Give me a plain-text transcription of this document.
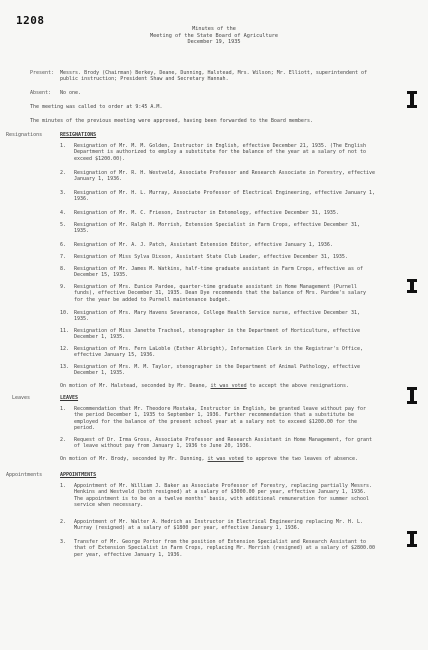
1208
Minutes of the
Meeting of the State Board of Agriculture
December 19, 1935
Present: Messrs. Brody (Chairman) Berkey, Deane, Dunning, Halstead, Mrs. Wilson; Mr. Elliott, superintendent of public instruction; President Shaw and Secretary Hannah.
Absent: No one.
The meeting was called to order at 9:45 A.M.
The minutes of the previous meeting were approved, having been forwarded to the Board members.
Resignations	RESIGNATIONS
1.	Resignation of Mr. M. M. Golden, Instructor in English, effective December 21, 1935. (The English Department is authorized to employ a substitute for the balance of the year at a salary of not to exceed $1200.00).
2.	Resignation of Mr. R. H. Westveld, Associate Professor and Research Associate in Forestry, effective January 1, 1936.
3.	Resignation of Mr. H. L. Murray, Associate Professor of Electrical Engineering, effective January 1, 1936.
4.	Resignation of Mr. M. C. Frieson, Instructor in Entomology, effective December 31, 1935.
5.	Resignation of Mr. Ralph H. Morrish, Extension Specialist in Farm Crops, effective December 31, 1935.
6.	Resignation of Mr. A. J. Patch, Assistant Extension Editor, effective January 1, 1936.
7.	Resignation of Miss Sylva Dixson, Assistant State Club Leader, effective December 31, 1935.
8.	Resignation of Mr. James M. Watkins, half-time graduate assistant in Farm Crops, effective as of December 15, 1935.
9.	Resignation of Mrs. Eunice Pardee, quarter-time graduate assistant in Home Management (Purnell funds), effective December 31, 1935. Dean Dye recommends that the balance of Mrs. Pardee's salary for the year be added to Purnell maintenance budget.
10. Resignation of Mrs. Mary Havens Severance, College Health Service nurse, effective December 31, 1935.
11. Resignation of Miss Janette Trachsel, stenographer in the Department of Horticulture, effective December 1, 1935.
12. Resignation of Mrs. Fern LaLoble (Esther Albright), Information Clerk in the Registrar's Office, effective January 15, 1936.
13. Resignation of Mrs. M. M. Taylor, stenographer in the Department of Animal Pathology, effective December 1, 1935.
On motion of Mr. Halstead, seconded by Mr. Deane, it was voted to accept the above resignations.
Leaves	LEAVES
1.	Recommendation that Mr. Theodore Mostaka, Instructor in English, be granted leave without pay for the period December 1, 1935 to September 1, 1936. Further recommendation that a substitute be employed for the balance of the present school year at a salary not to exceed $1200.00 for the period.
2.	Request of Dr. Irma Gross, Associate Professor and Research Assistant in Home Management, for grant of leave without pay from January 1, 1936 to June 20, 1936.
On motion of Mr. Brody, seconded by Mr. Dunning, it was voted to approve the two leaves of absence.
Appointments	APPOINTMENTS
1.	Appointment of Mr. William J. Baker as Associate Professor of Forestry, replacing partially Messrs. Henkins and Westveld (both resigned) at a salary of $3000.00 per year, effective January 1, 1936. The appointment is to be on a twelve months' basis, with additional remuneration for summer school service when necessary.
2.	Appointment of Mr. Walter A. Hedrich as Instructor in Electrical Engineering replacing Mr. H. L. Murray (resigned) at a salary of $1800 per year, effective January 1, 1936.
3.	Transfer of Mr. George Portor from the position of Extension Specialist and Research Assistant to that of Extension Specialist in Farm Crops, replacing Mr. Morrish (resigned) at a salary of $2800.00 per year, effective January 1, 1936.
